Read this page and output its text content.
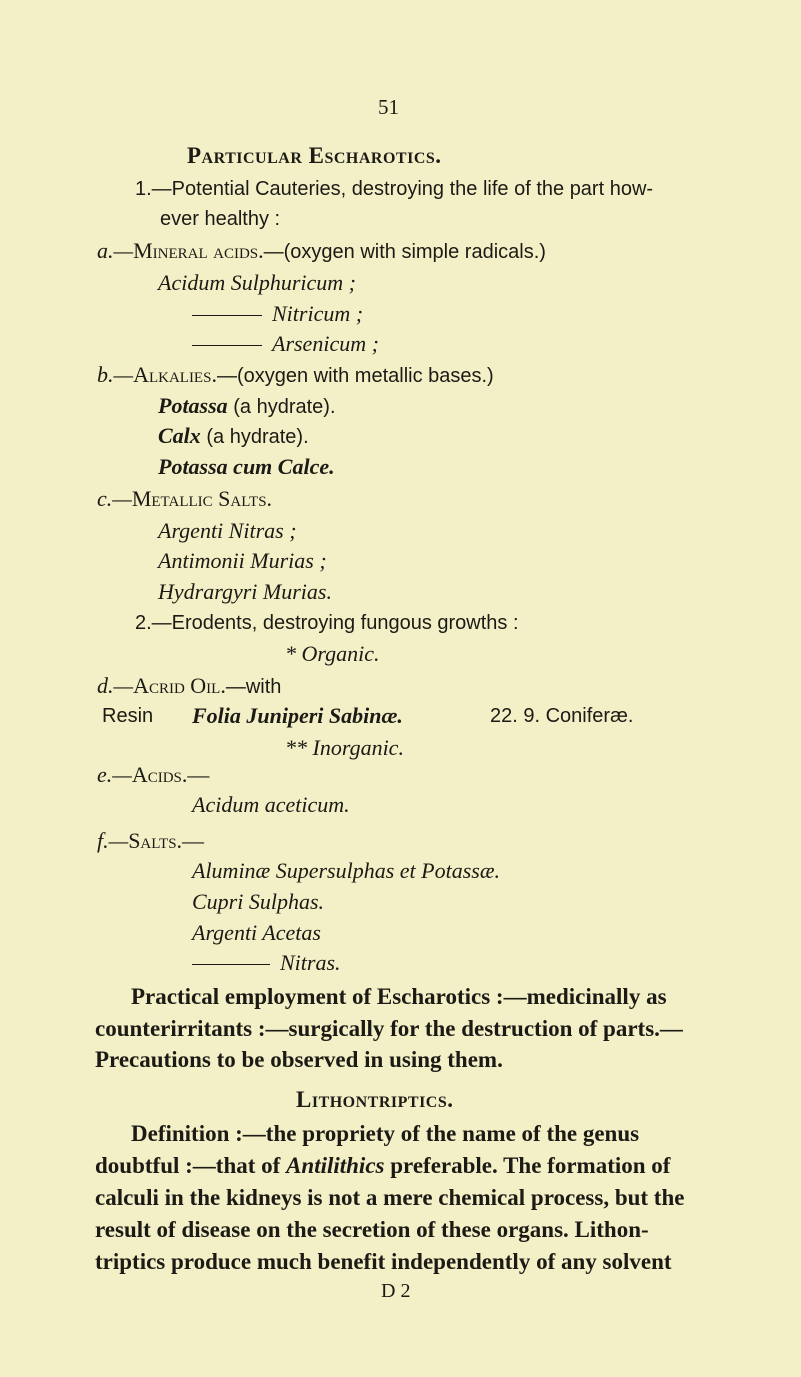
51
Particular Escharotics.
1.—Potential Cauteries, destroying the life of the part how-
ever healthy :
a.—Mineral acids.—(oxygen with simple radicals.)
Acidum Sulphuricum ;
Nitricum ;
Arsenicum ;
b.—Alkalies.—(oxygen with metallic bases.)
Potassa (a hydrate).
Calx (a hydrate).
Potassa cum Calce.
c.—Metallic Salts.
Argenti Nitras ;
Antimonii Murias ;
Hydrargyri Murias.
2.—Erodents, destroying fungous growths :
* Organic.
d.—Acrid Oil.—with
Resin Folia Juniperi Sabinæ.	22. 9. Coniferæ.
** Inorganic.
e.—Acids.—
Acidum aceticum.
f.—Salts.—
Aluminæ Supersulphas et Potassæ.
Cupri Sulphas.
Argenti Acetas
Nitras.
Practical employment of Escharotics :—medicinally as
counterirritants :—surgically for the destruction of parts.—
Precautions to be observed in using them.
Lithontriptics.
Definition :—the propriety of the name of the genus
doubtful :—that of Antilithics preferable. The formation of
calculi in the kidneys is not a mere chemical process, but the
result of disease on the secretion of these organs. Lithon-
triptics produce much benefit independently of any solvent
D 2
